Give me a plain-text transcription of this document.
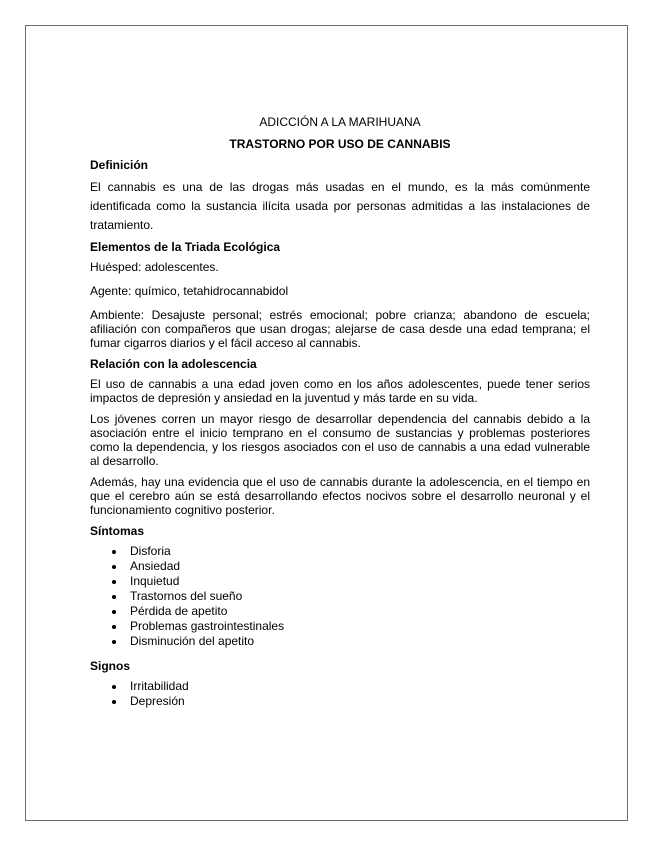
ADICCIÓN A LA MARIHUANA
TRASTORNO POR USO DE CANNABIS
Definición

El cannabis es una de las drogas más usadas en el mundo, es la más comúnmente identificada como la sustancia ilícita usada por personas admitidas a las instalaciones de tratamiento.

Elementos de la Triada Ecológica

Huésped: adolescentes.

Agente: químico, tetahidrocannabidol

Ambiente: Desajuste personal; estrés emocional; pobre crianza; abandono de escuela; afiliación con compañeros que usan drogas; alejarse de casa desde una edad temprana; el fumar cigarros diarios y el fácil acceso al cannabis.

Relación con la adolescencia

El uso de cannabis a una edad joven como en los años adolescentes, puede tener serios impactos de depresión y ansiedad en la juventud y más tarde en su vida.

Los jóvenes corren un mayor riesgo de desarrollar dependencia del cannabis debido a la asociación entre el inicio temprano en el consumo de sustancias y problemas posteriores como la dependencia, y los riesgos asociados con el uso de cannabis a una edad vulnerable al desarrollo.

Además, hay una evidencia que el uso de cannabis durante la adolescencia, en el tiempo en que el cerebro aún se está desarrollando efectos nocivos sobre el desarrollo neuronal y el funcionamiento cognitivo posterior.

Síntomas
Disforia
Ansiedad
Inquietud
Trastornos del sueño
Pérdida de apetito
Problemas gastrointestinales
Disminución del apetito
Signos
Irritabilidad
Depresión
